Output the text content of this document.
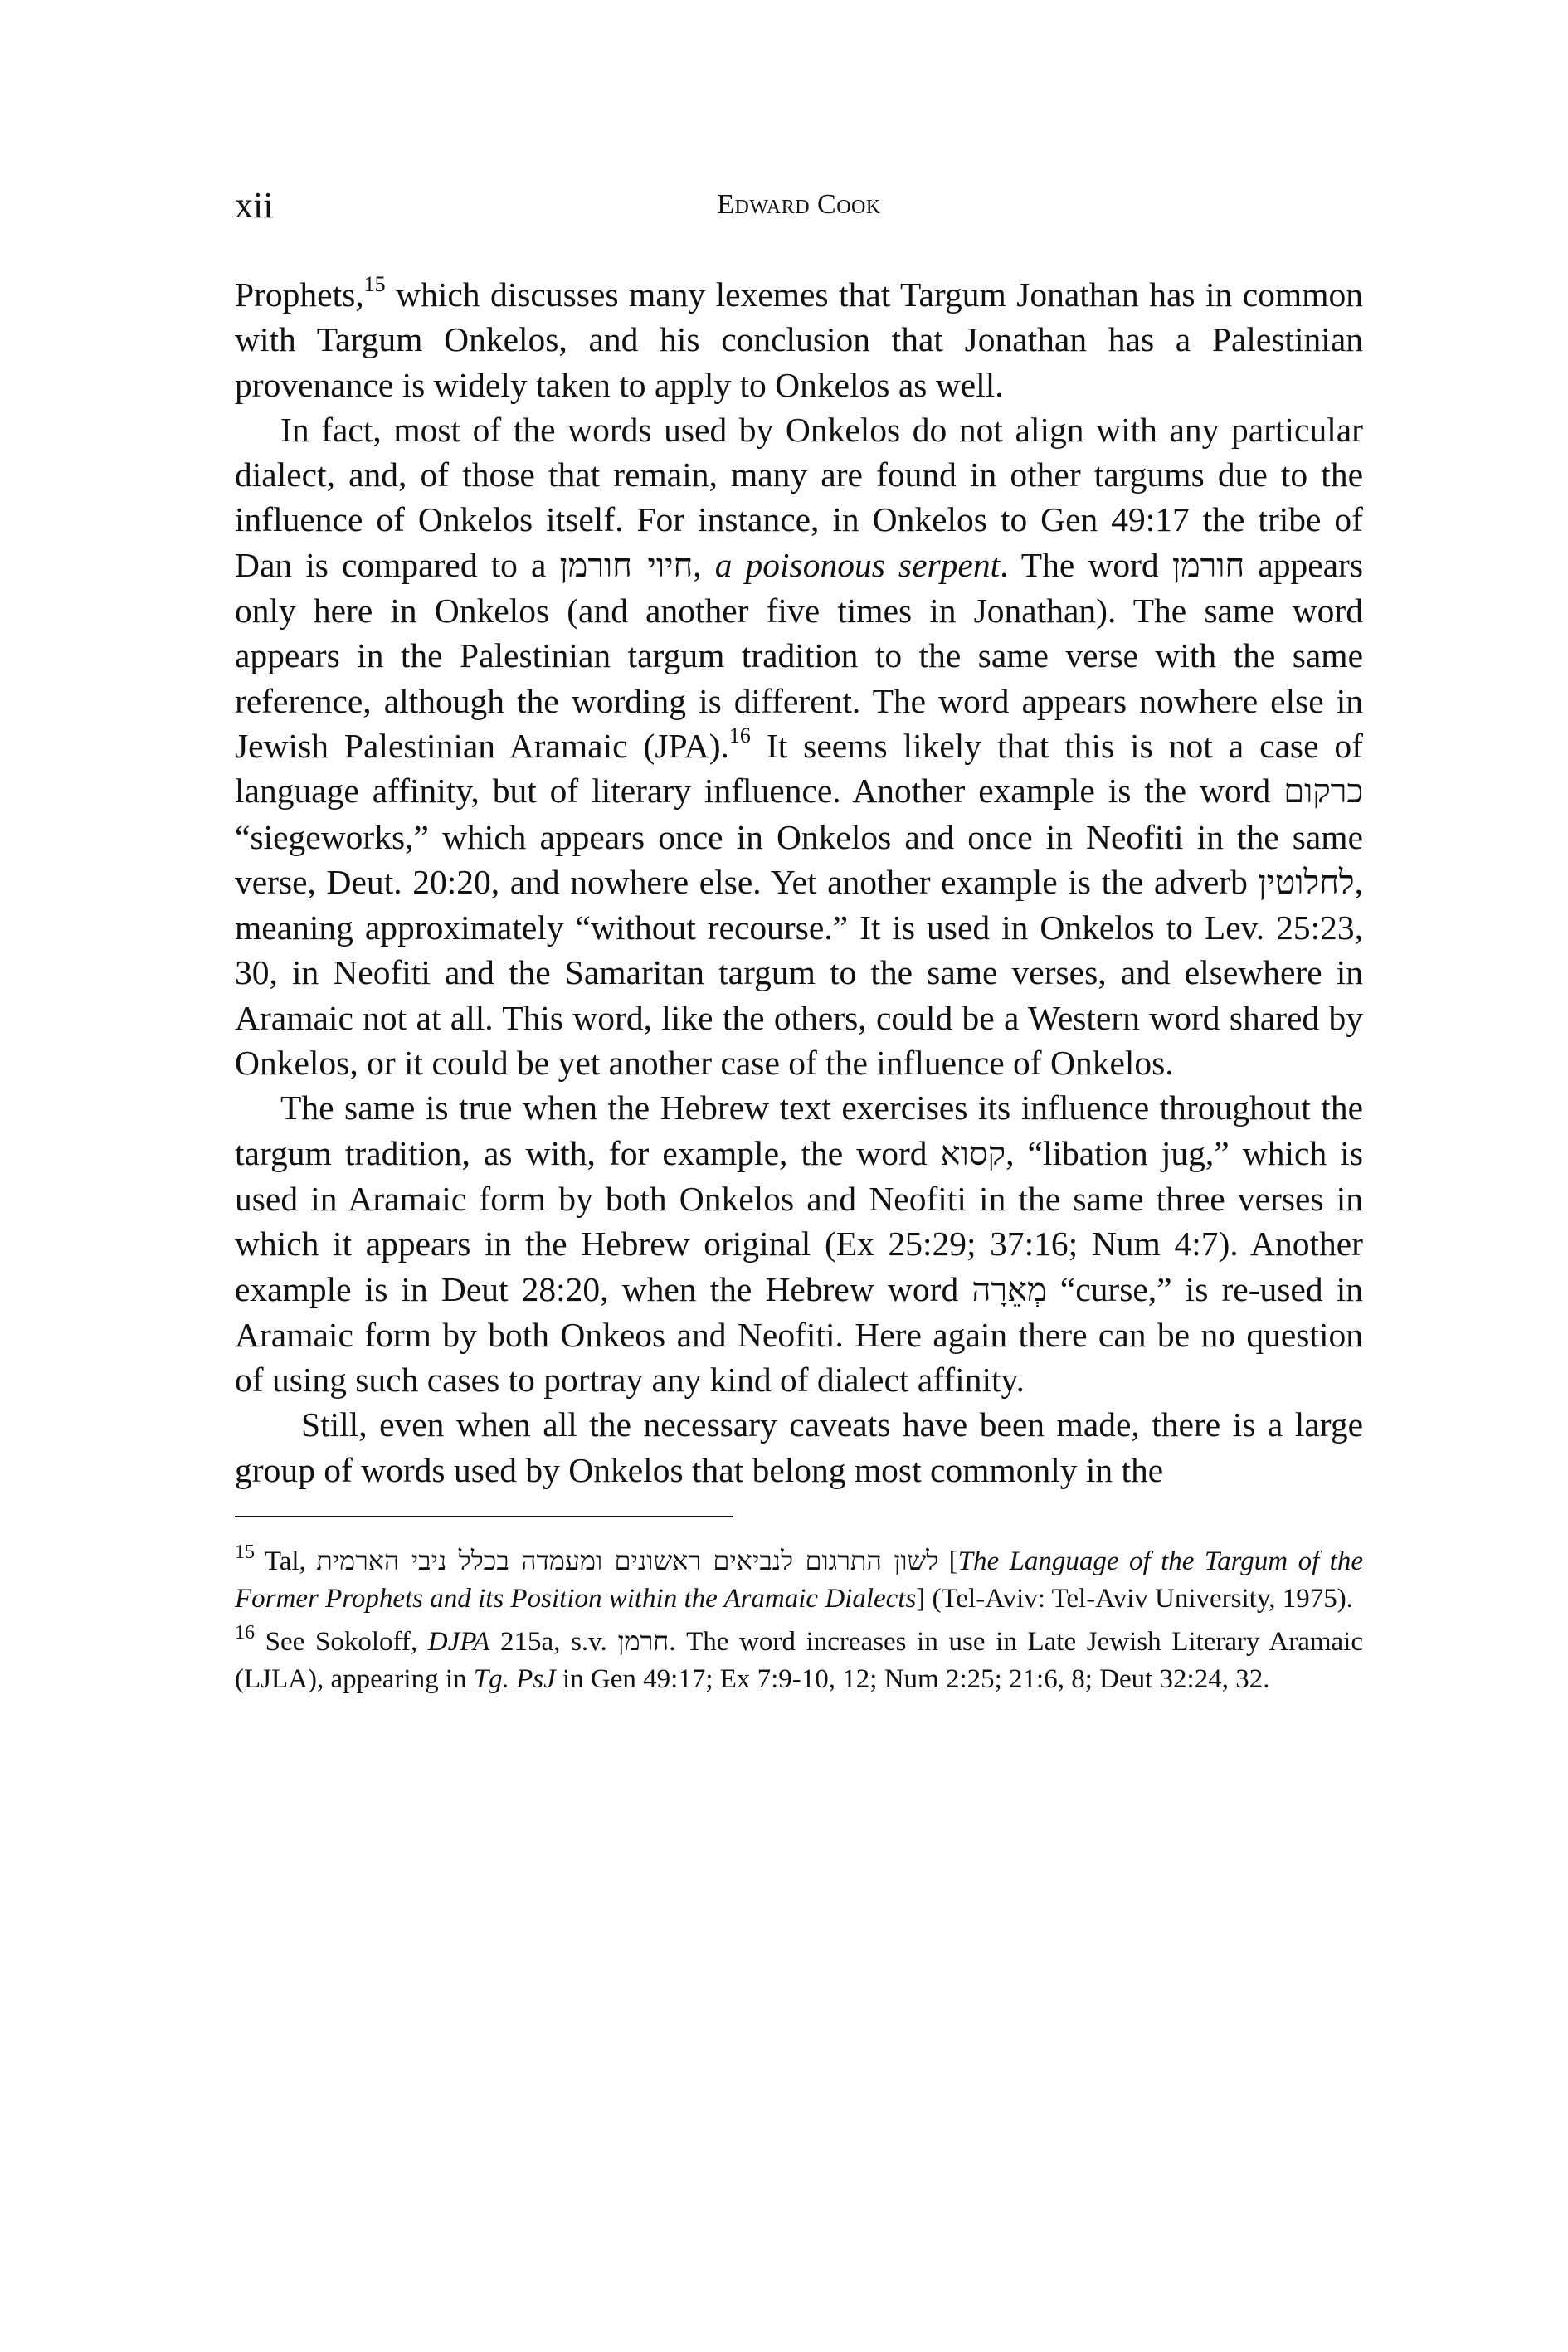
xii	Edward Cook

Prophets,$^{15}$ which discusses many lexemes that Targum Jonathan has in common with Targum Onkelos, and his conclusion that Jonathan has a Palestinian provenance is widely taken to apply to Onkelos as well.

In fact, most of the words used by Onkelos do not align with any particular dialect, and, of those that remain, many are found in other targums due to the influence of Onkelos itself. For instance, in Onkelos to Gen 49:17 the tribe of Dan is compared to a חיוי חורמן, a poisonous serpent. The word חורמן appears only here in Onkelos (and another five times in Jonathan). The same word appears in the Palestinian targum tradition to the same verse with the same reference, although the wording is different. The word appears nowhere else in Jewish Palestinian Aramaic (JPA).$^{16}$ It seems likely that this is not a case of language affinity, but of literary influence. Another example is the word כרקום “siegeworks,” which appears once in Onkelos and once in Neofiti in the same verse, Deut. 20:20, and nowhere else. Yet another example is the adverb לחלוטין, meaning approximately “without recourse.” It is used in Onkelos to Lev. 25:23, 30, in Neofiti and the Samaritan targum to the same verses, and elsewhere in Aramaic not at all. This word, like the others, could be a Western word shared by Onkelos, or it could be yet another case of the influence of Onkelos.

The same is true when the Hebrew text exercises its influence throughout the targum tradition, as with, for example, the word קסוא, “libation jug,” which is used in Aramaic form by both Onkelos and Neofiti in the same three verses in which it appears in the Hebrew original (Ex 25:29; 37:16; Num 4:7). Another example is in Deut 28:20, when the Hebrew word מְאֵרָה “curse,” is re-used in Aramaic form by both Onkeos and Neofiti. Here again there can be no question of using such cases to portray any kind of dialect affinity.

Still, even when all the necessary caveats have been made, there is a large group of words used by Onkelos that belong most commonly in the

$^{15}$ Tal, לשון התרגום לנביאים ראשונים ומעמדה בכלל ניבי הארמית [The Language of the Targum of the Former Prophets and its Position within the Aramaic Dialects] (Tel-Aviv: Tel-Aviv University, 1975).

$^{16}$ See Sokoloff, DJPA 215a, s.v. חרמן. The word increases in use in Late Jewish Literary Aramaic (LJLA), appearing in Tg. PsJ in Gen 49:17; Ex 7:9-10, 12; Num 2:25; 21:6, 8; Deut 32:24, 32.
